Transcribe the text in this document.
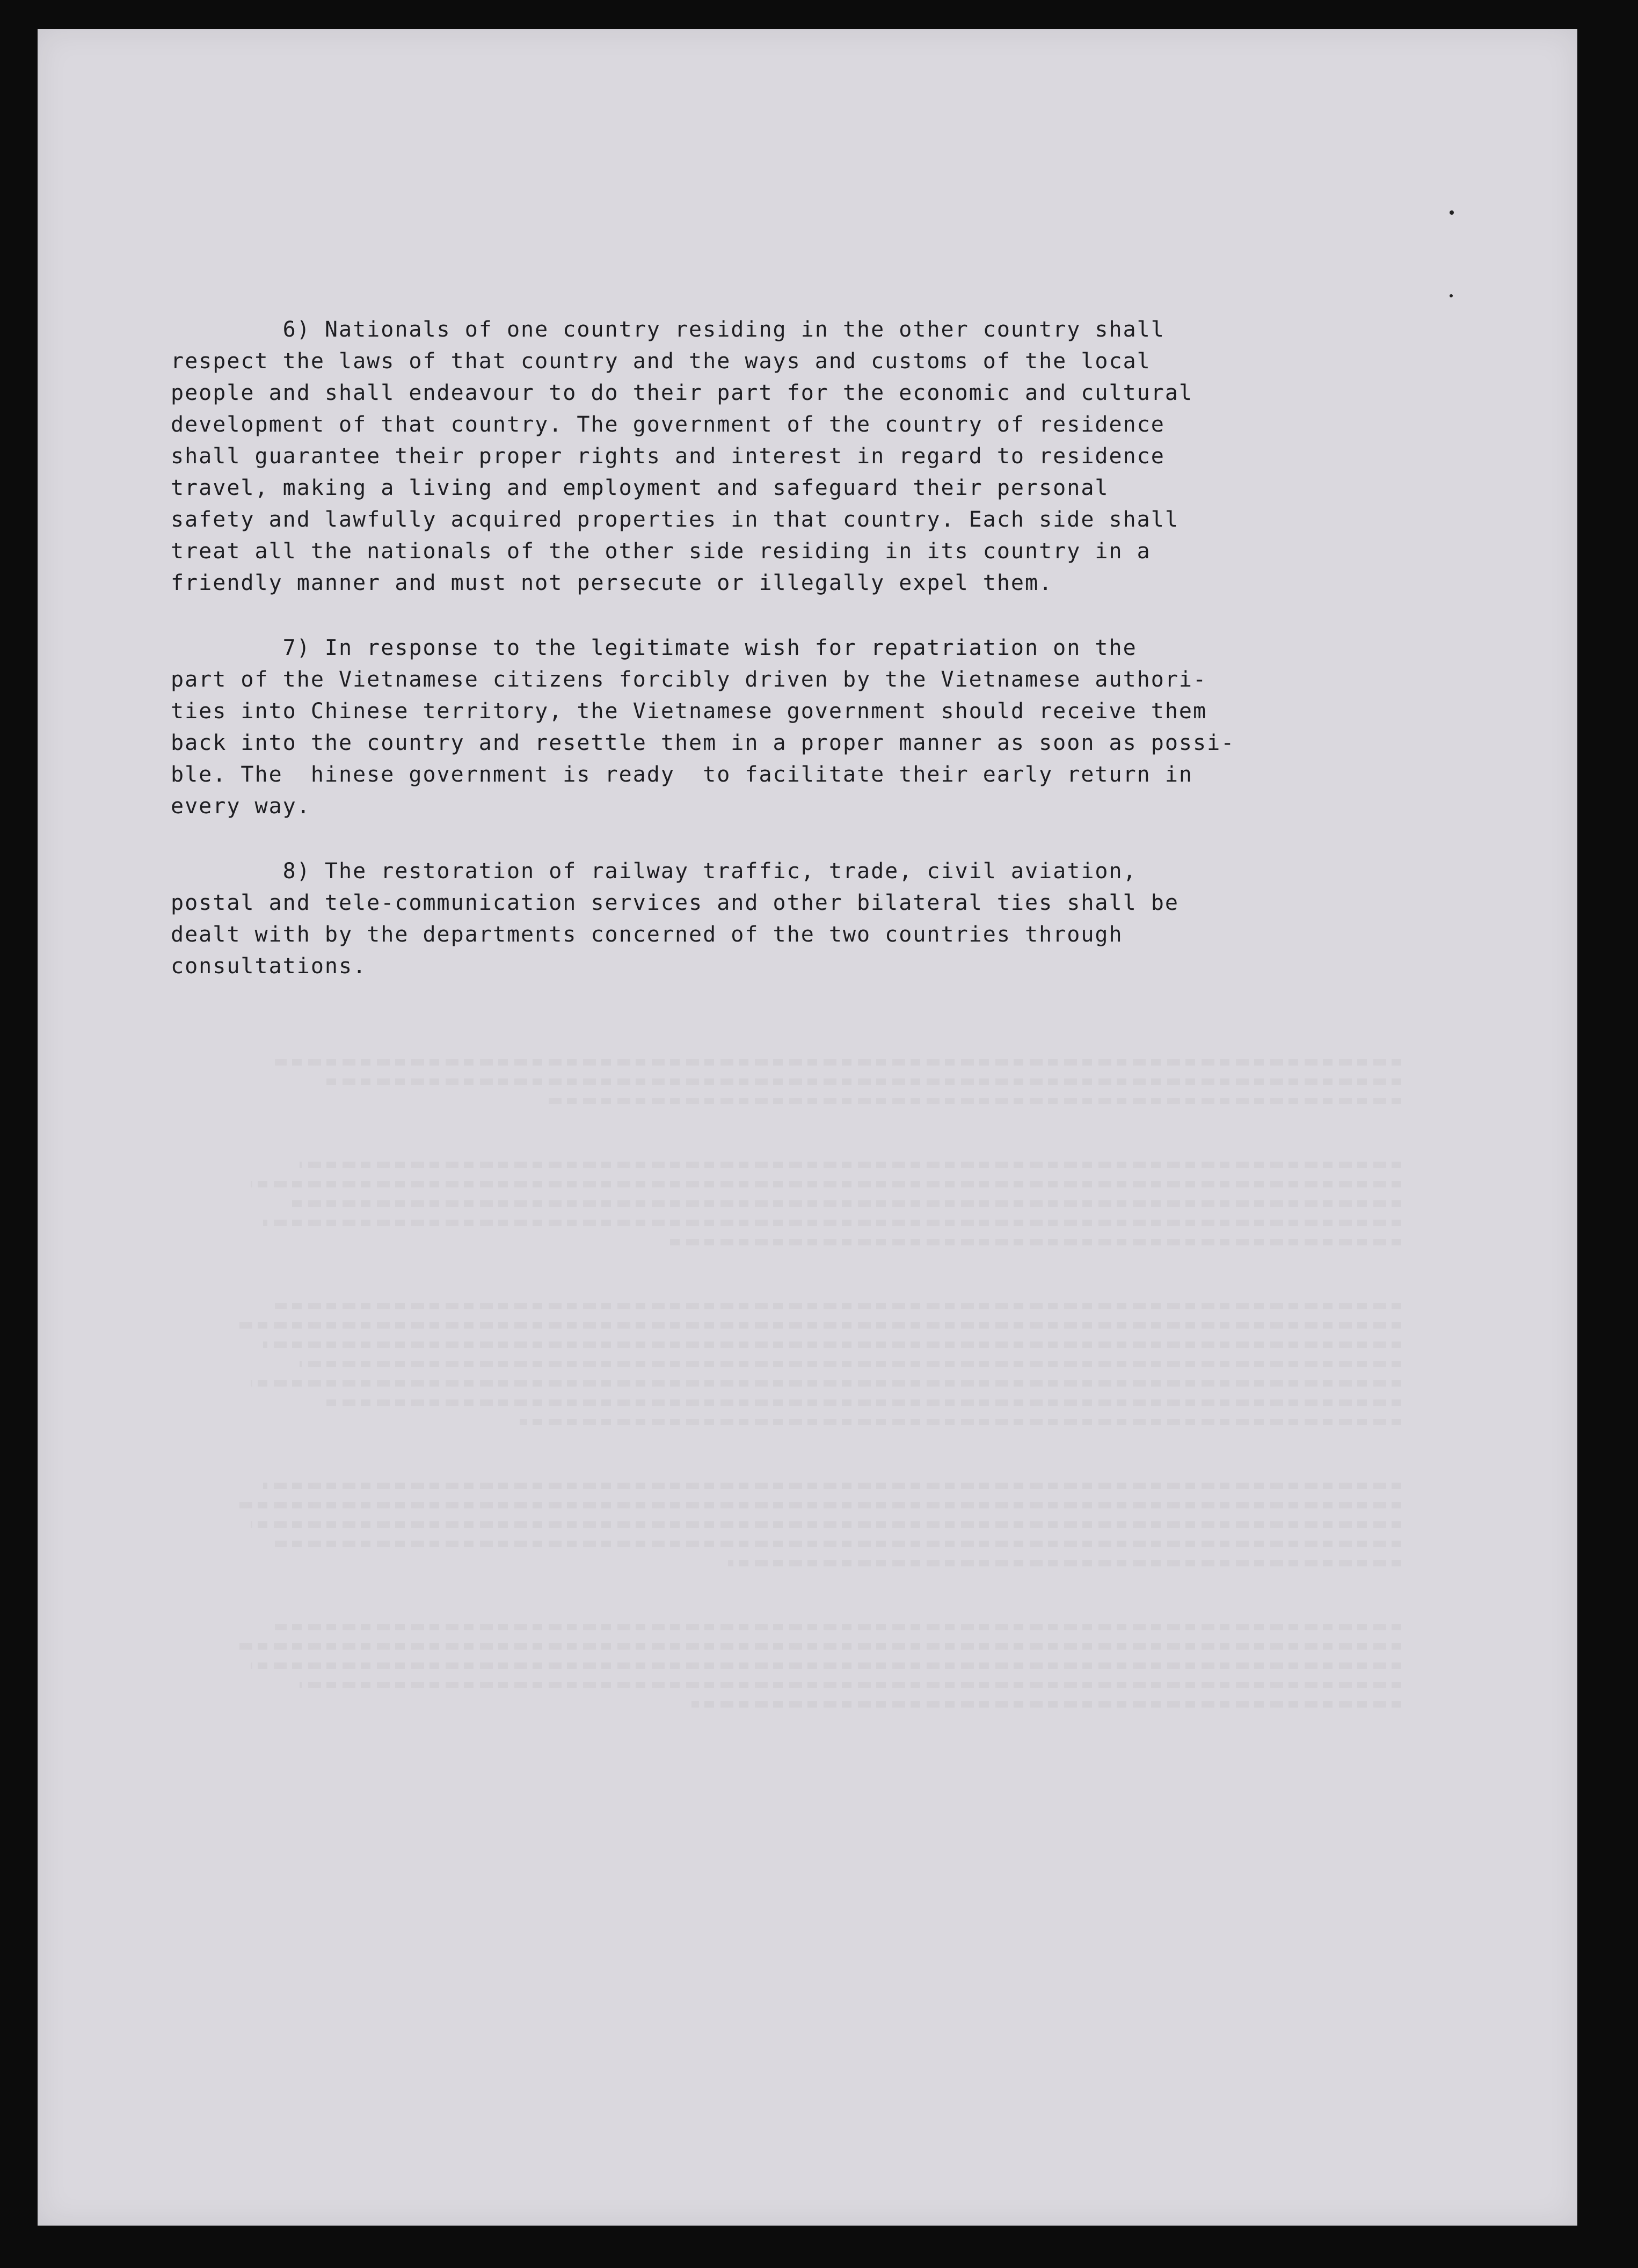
6) Nationals of one country residing in the other country shall
respect the laws of that country and the ways and customs of the local
people and shall endeavour to do their part for the economic and cultural
development of that country. The government of the country of residence
shall guarantee their proper rights and interest in regard to residence
travel, making a living and employment and safeguard their personal
safety and lawfully acquired properties in that country. Each side shall
treat all the nationals of the other side residing in its country in a
friendly manner and must not persecute or illegally expel them.
7) In response to the legitimate wish for repatriation on the
part of the Vietnamese citizens forcibly driven by the Vietnamese authori-
ties into Chinese territory, the Vietnamese government should receive them
back into the country and resettle them in a proper manner as soon as possi-
ble. The  hinese government is ready  to facilitate their early return in
every way.
8) The restoration of railway traffic, trade, civil aviation,
postal and tele-communication services and other bilateral ties shall be
dealt with by the departments concerned of the two countries through
consultations.
